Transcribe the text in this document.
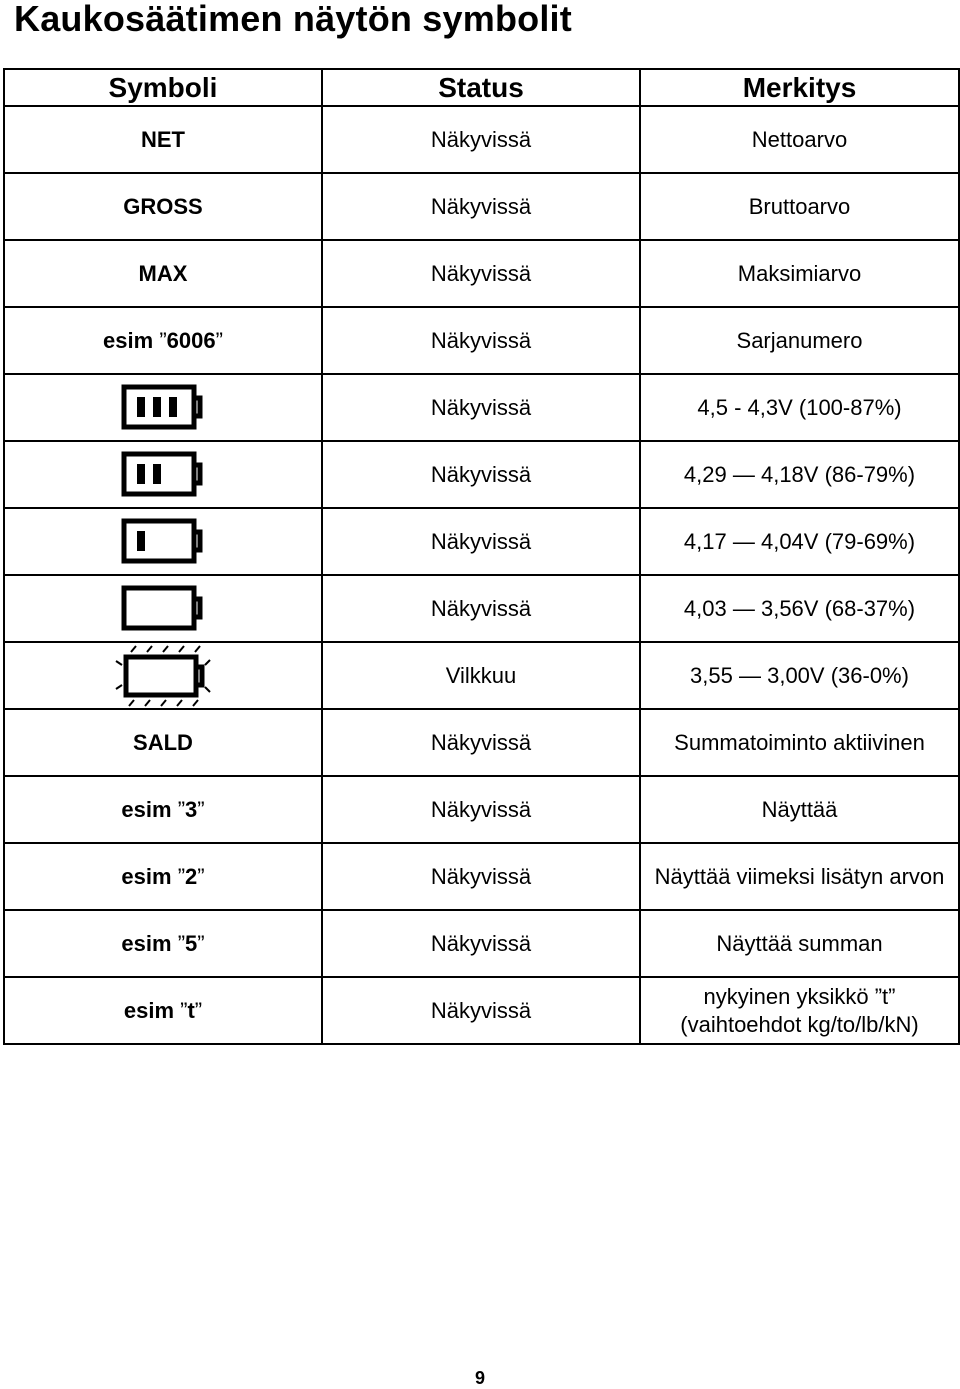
Kaukosäätimen näytön symbolit
Symboli	Status	Merkitys
NET	Näkyvissä	Nettoarvo
GROSS	Näkyvissä	Bruttoarvo
MAX	Näkyvissä	Maksimiarvo
esim ”6006”	Näkyvissä	Sarjanumero

	Näkyvissä	4,5 - 4,3V (100-87%)

	Näkyvissä	4,29 — 4,18V (86-79%)

	Näkyvissä	4,17 — 4,04V (79-69%)

	Näkyvissä	4,03 — 3,56V (68-37%)

	Vilkkuu	3,55 — 3,00V (36-0%)
SALD	Näkyvissä	Summatoiminto aktiivinen
esim ”3”	Näkyvissä	Näyttää
esim ”2”	Näkyvissä	Näyttää viimeksi lisätyn arvon
esim ”5”	Näkyvissä	Näyttää summan
esim ”t”	Näkyvissä	nykyinen yksikkö ”t”
(vaihtoehdot kg/to/lb/kN)
9
